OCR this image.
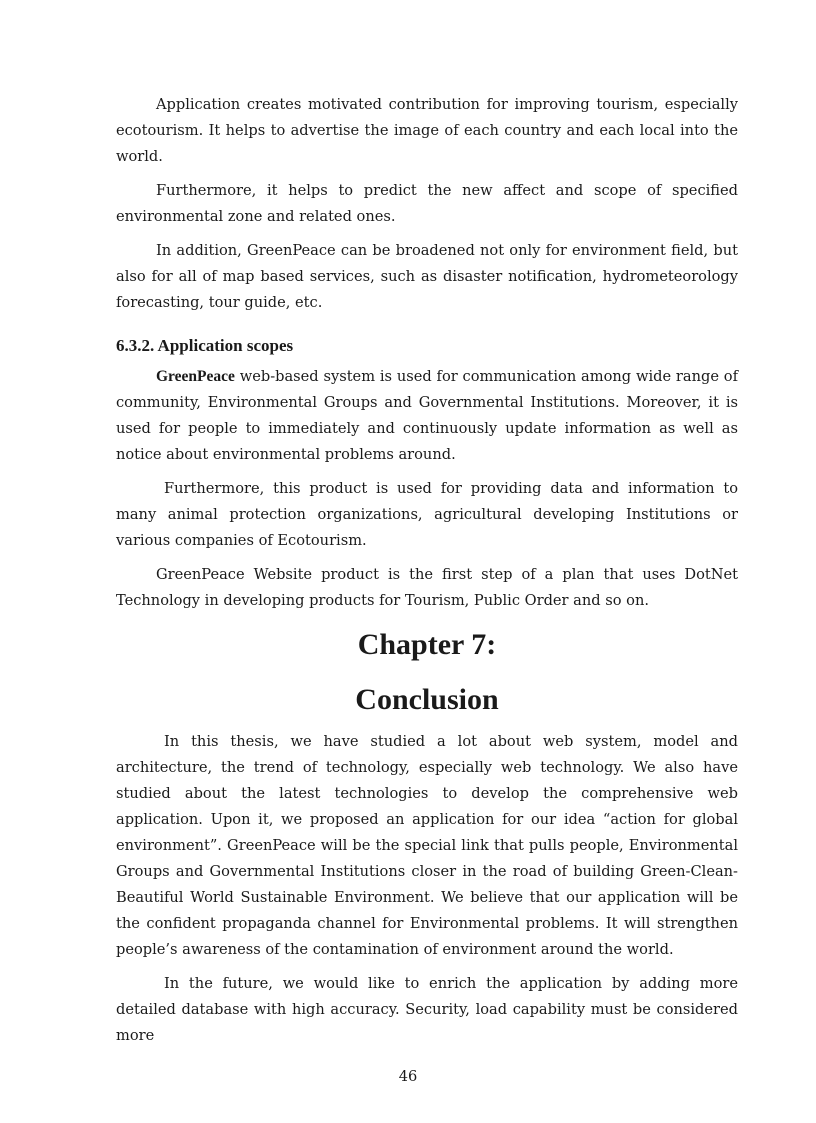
Application creates motivated contribution for improving tourism, especially ecotourism. It helps to advertise the image of each country and each local into the world.

Furthermore, it helps to predict the new affect and scope of specified environmental zone and related ones.

In addition, GreenPeace can be broadened not only for environment field, but also for all of map based services, such as disaster notification, hydrometeorology forecasting, tour guide, etc.

6.3.2. Application scopes

GreenPeace web-based system is used for communication among wide range of community, Environmental Groups and Governmental Institutions. Moreover, it is used for people to immediately and continuously update information as well as notice about environmental problems around.

Furthermore, this product is used for providing data and information to many animal protection organizations, agricultural developing Institutions or various companies of Ecotourism.

GreenPeace Website product is the first step of a plan that uses DotNet Technology in developing products for Tourism, Public Order and so on.

Chapter 7:
Conclusion

In this thesis, we have studied a lot about web system, model and architecture, the trend of technology, especially web technology. We also have studied about the latest technologies to develop the comprehensive web application. Upon it, we proposed an application for our idea “action for global environment”. GreenPeace will be the special link that pulls people, Environmental Groups and Governmental Institutions closer in the road of building Green-Clean-Beautiful World Sustainable Environment. We believe that our application will be the confident propaganda channel for Environmental problems. It will strengthen people’s awareness of the contamination of environment around the world.

In the future, we would like to enrich the application by adding more detailed database with high accuracy. Security, load capability must be considered more

46
